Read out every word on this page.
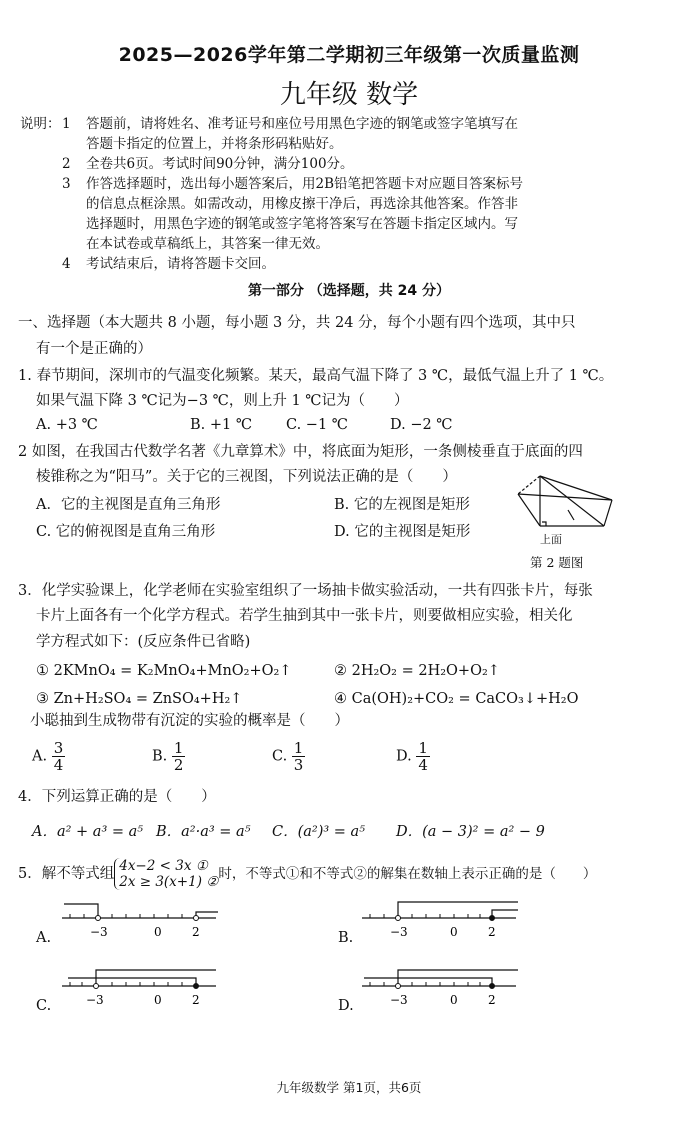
2025—2026学年第二学期初三年级第一次质量监测
九年级 数学
说明： 1 答题前，请将姓名、准考证号和座位号用黑色字迹的钢笔或签字笔填写在
答题卡指定的位置上，并将条形码粘贴好。
2 全卷共6页。考试时间90分钟，满分100分。
3 作答选择题时，选出每小题答案后，用2B铅笔把答题卡对应题目答案标号
的信息点框涂黑。如需改动，用橡皮擦干净后，再选涂其他答案。作答非
选择题时，用黑色字迹的钢笔或签字笔将答案写在答题卡指定区域内。写
在本试卷或草稿纸上，其答案一律无效。
4 考试结束后，请将答题卡交回。
第一部分 （选择题，共 24 分）
一、选择题（本大题共 8 小题，每小题 3 分，共 24 分，每个小题有四个选项，其中只
有一个是正确的）
1. 春节期间，深圳市的气温变化频繁。某天，最高气温下降了 3 ℃，最低气温上升了 1 ℃。
如果气温下降 3 ℃记为−3 ℃，则上升 1 ℃记为（　　）
A. +3 ℃	B. +1 ℃ C. −1 ℃	D. −2 ℃
2 如图，在我国古代数学名著《九章算术》中，将底面为矩形，一条侧棱垂直于底面的四
棱锥称之为“阳马”。关于它的三视图，下列说法正确的是（　　）
A．它的主视图是直角三角形	B. 它的左视图是矩形
C. 它的俯视图是直角三角形	D. 它的主视图是矩形	上面
第 2 题图
3．化学实验课上，化学老师在实验室组织了一场抽卡做实验活动，一共有四张卡片，每张
卡片上面各有一个化学方程式。若学生抽到其中一张卡片，则要做相应实验，相关化
学方程式如下：(反应条件已省略)
① 2KMnO₄ = K₂MnO₄+MnO₂+O₂↑	② 2H₂O₂ = 2H₂O+O₂↑
③ Zn+H₂SO₄ = ZnSO₄+H₂↑	④ Ca(OH)₂+CO₂ = CaCO₃↓+H₂O
小聪抽到生成物带有沉淀的实验的概率是（　　）
A. $\frac{3}{4}$	B. $\frac{1}{2}$	C. $\frac{1}{3}$	D. $\frac{1}{4}$
4．下列运算正确的是（　　）
A．a² + a³ = a⁵ B．a²·a³ = a⁵ C．(a²)³ = a⁵ D．(a − 3)² = a² − 9
5．解不等式组 4x−2 < 3x ①
2x ≥ 3(x+1) ② 时，不等式①和不等式②的解集在数轴上表示正确的是（　　）
−3	0	2
A.	−3	0	2
B.
−3	0	2
C.	−3	0	2
D.
九年级数学 第1页，共6页
